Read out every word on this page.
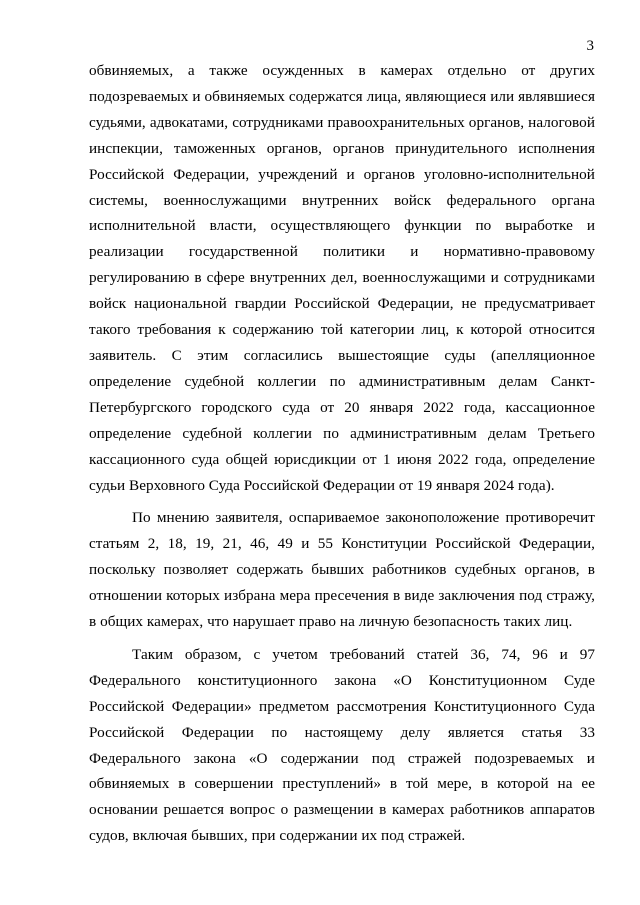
3

обвиняемых, а также осужденных в камерах отдельно от других подозреваемых и обвиняемых содержатся лица, являющиеся или являвшиеся судьями, адвокатами, сотрудниками правоохранительных органов, налоговой инспекции, таможенных органов, органов принудительного исполнения Российской Федерации, учреждений и органов уголовно-исполнительной системы, военнослужащими внутренних войск федерального органа исполнительной власти, осуществляющего функции по выработке и реализации государственной политики и нормативно-правовому регулированию в сфере внутренних дел, военнослужащими и сотрудниками войск национальной гвардии Российской Федерации, не предусматривает такого требования к содержанию той категории лиц, к которой относится заявитель. С этим согласились вышестоящие суды (апелляционное определение судебной коллегии по административным делам Санкт-Петербургского городского суда от 20 января 2022 года, кассационное определение судебной коллегии по административным делам Третьего кассационного суда общей юрисдикции от 1 июня 2022 года, определение судьи Верховного Суда Российской Федерации от 19 января 2024 года).

По мнению заявителя, оспариваемое законоположение противоречит статьям 2, 18, 19, 21, 46, 49 и 55 Конституции Российской Федерации, поскольку позволяет содержать бывших работников судебных органов, в отношении которых избрана мера пресечения в виде заключения под стражу, в общих камерах, что нарушает право на личную безопасность таких лиц.

Таким образом, с учетом требований статей 36, 74, 96 и 97 Федерального конституционного закона «О Конституционном Суде Российской Федерации» предметом рассмотрения Конституционного Суда Российской Федерации по настоящему делу является статья 33 Федерального закона «О содержании под стражей подозреваемых и обвиняемых в совершении преступлений» в той мере, в которой на ее основании решается вопрос о размещении в камерах работников аппаратов судов, включая бывших, при содержании их под стражей.
